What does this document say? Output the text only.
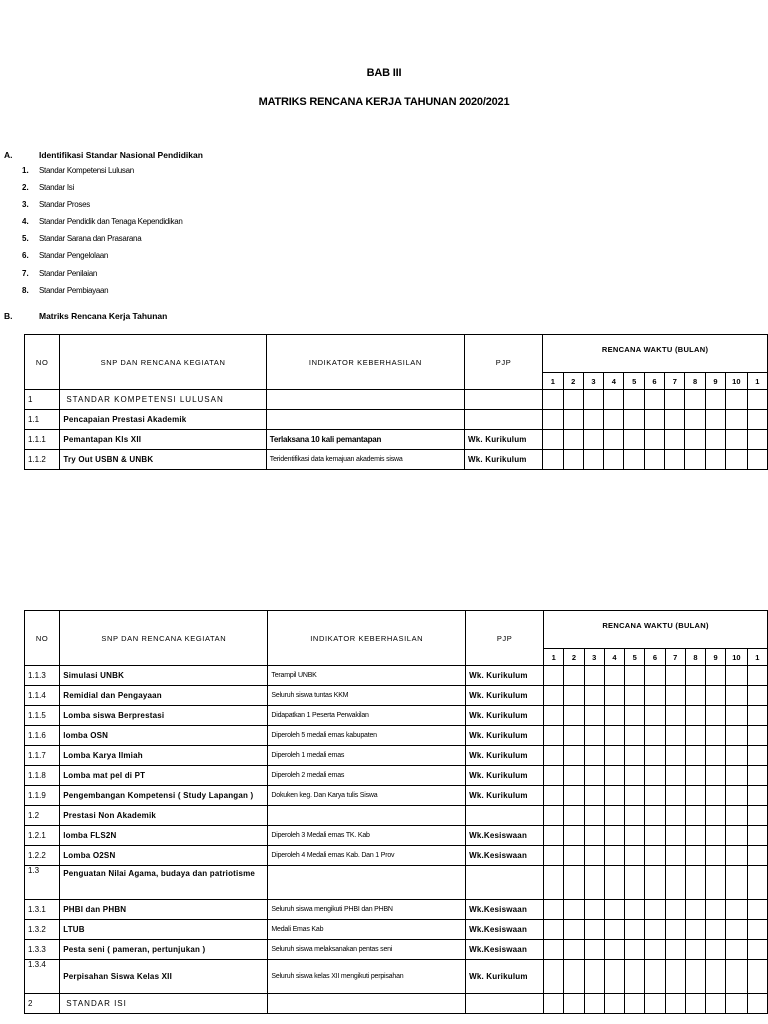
BAB III
MATRIKS RENCANA KERJA TAHUNAN 2020/2021
A.	Identifikasi Standar Nasional Pendidikan
1. Standar Kompetensi Lulusan
2. Standar Isi
3. Standar Proses
4. Standar Pendidik dan Tenaga Kependidikan
5. Standar Sarana dan Prasarana
6. Standar Pengelolaan
7. Standar Penilaian
8. Standar Pembiayaan
B.	Matriks Rencana Kerja Tahunan
NO	SNP DAN RENCANA KEGIATAN	INDIKATOR KEBERHASILAN	PJP	RENCANA WAKTU (BULAN)										
				1	2	3	4	5	6	7	8	9	10	1
1	STANDAR KOMPETENSI LULUSAN													
1.1	Pencapaian Prestasi Akademik													
1.1.1	Pemantapan Kls XII	Terlaksana 10 kali pemantapan	Wk. Kurikulum											
1.1.2	Try Out USBN & UNBK	Teridentifikasi data kemajuan akademis siswa	Wk. Kurikulum											
NO	SNP DAN RENCANA KEGIATAN	INDIKATOR KEBERHASILAN	PJP	RENCANA WAKTU (BULAN)										
				1	2	3	4	5	6	7	8	9	10	1
1.1.3	Simulasi UNBK	Terampil UNBK	Wk. Kurikulum											
1.1.4	Remidial dan Pengayaan	Seluruh siswa tuntas KKM	Wk. Kurikulum											
1.1.5	Lomba siswa Berprestasi	Didapatkan 1 Peserta Perwakilan	Wk. Kurikulum											
1.1.6	lomba OSN	Diperoleh 5 medali emas kabupaten	Wk. Kurikulum											
1.1.7	Lomba Karya Ilmiah	Diperoleh 1 medali emas	Wk. Kurikulum											
1.1.8	Lomba mat pel di PT	Diperoleh 2 medali emas	Wk. Kurikulum											
1.1.9	Pengembangan Kompetensi ( Study Lapangan )	Dokuken keg. Dan Karya tulis Siswa	Wk. Kurikulum											
1.2	Prestasi Non Akademik													
1.2.1	lomba FLS2N	Diperoleh 3 Medali emas TK. Kab	Wk.Kesiswaan											
1.2.2	Lomba O2SN	Diperoleh 4 Medali emas Kab. Dan 1 Prov	Wk.Kesiswaan											
1.3	Penguatan Nilai Agama, budaya dan patriotisme													
1.3.1	PHBI dan PHBN	Seluruh siswa mengikuti PHBI dan PHBN	Wk.Kesiswaan											
1.3.2	LTUB	Medali Emas Kab	Wk.Kesiswaan											
1.3.3	Pesta seni ( pameran, pertunjukan )	Seluruh siswa melaksanakan pentas seni	Wk.Kesiswaan											
1.3.4	Perpisahan Siswa Kelas XII	Seluruh siswa kelas XII mengikuti perpisahan	Wk. Kurikulum											
2	STANDAR ISI													
